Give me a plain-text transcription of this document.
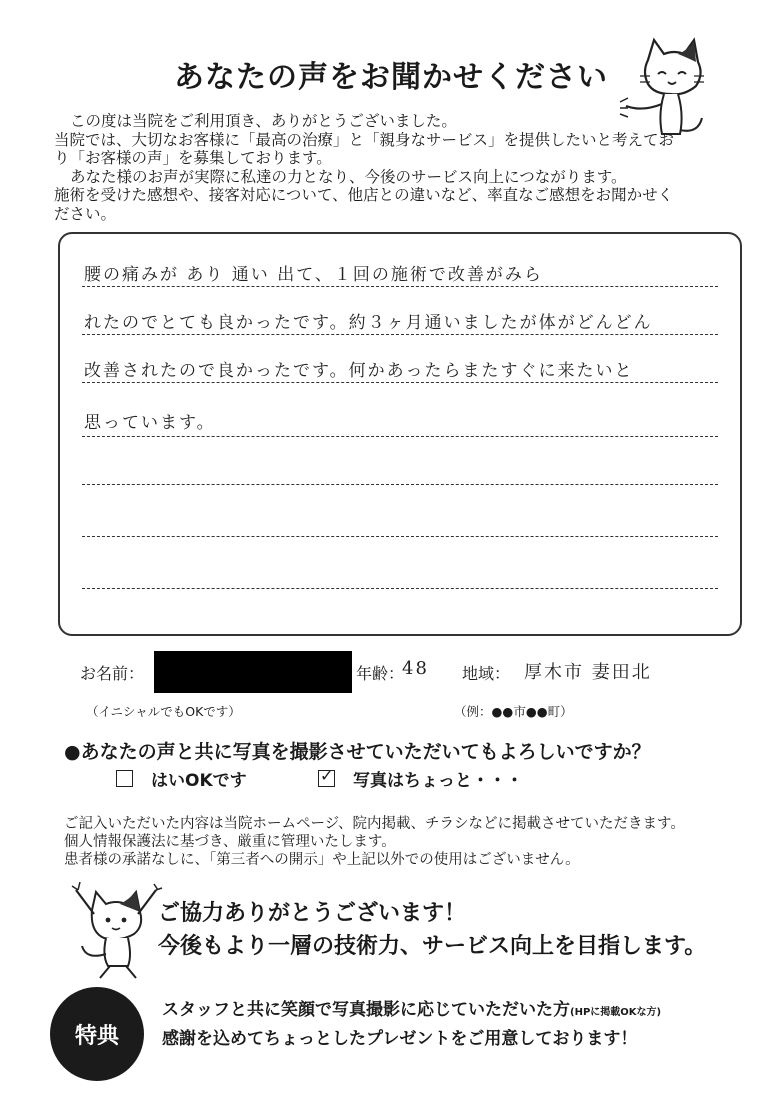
あなたの声をお聞かせください

この度は当院をご利用頂き、ありがとうございました。

当院では、大切なお客様に「最高の治療」と「親身なサービス」を提供したいと考えてお

り「お客様の声」を募集しております。

あなた様のお声が実際に私達の力となり、今後のサービス向上につながります。

施術を受けた感想や、接客対応について、他店との違いなど、率直なご感想をお聞かせく

ださい。

腰の痛みが あり 通い 出て、１回の施術で改善がみら
れたのでとても良かったです。約３ヶ月通いましたが体がどんどん
改善されたので良かったです。何かあったらまたすぐに来たいと
思っています。
お名前：	年齢：
48 地域： 厚木市 妻田北
（イニシャルでもOKです）	（例：●●市●●町）
●あなたの声と共に写真を撮影させていただいてもよろしいですか？
はいOKです	✓ 写真はちょっと・・・

ご記入いただいた内容は当院ホームページ、院内掲載、チラシなどに掲載させていただきます。

個人情報保護法に基づき、厳重に管理いたします。

患者様の承諾なしに、「第三者への開示」や上記以外での使用はございません。

ご協力ありがとうございます！
今後もより一層の技術力、サービス向上を目指します。
特典
スタッフと共に笑顔で写真撮影に応じていただいた方(HPに掲載OKな方)
感謝を込めてちょっとしたプレゼントをご用意しております！
